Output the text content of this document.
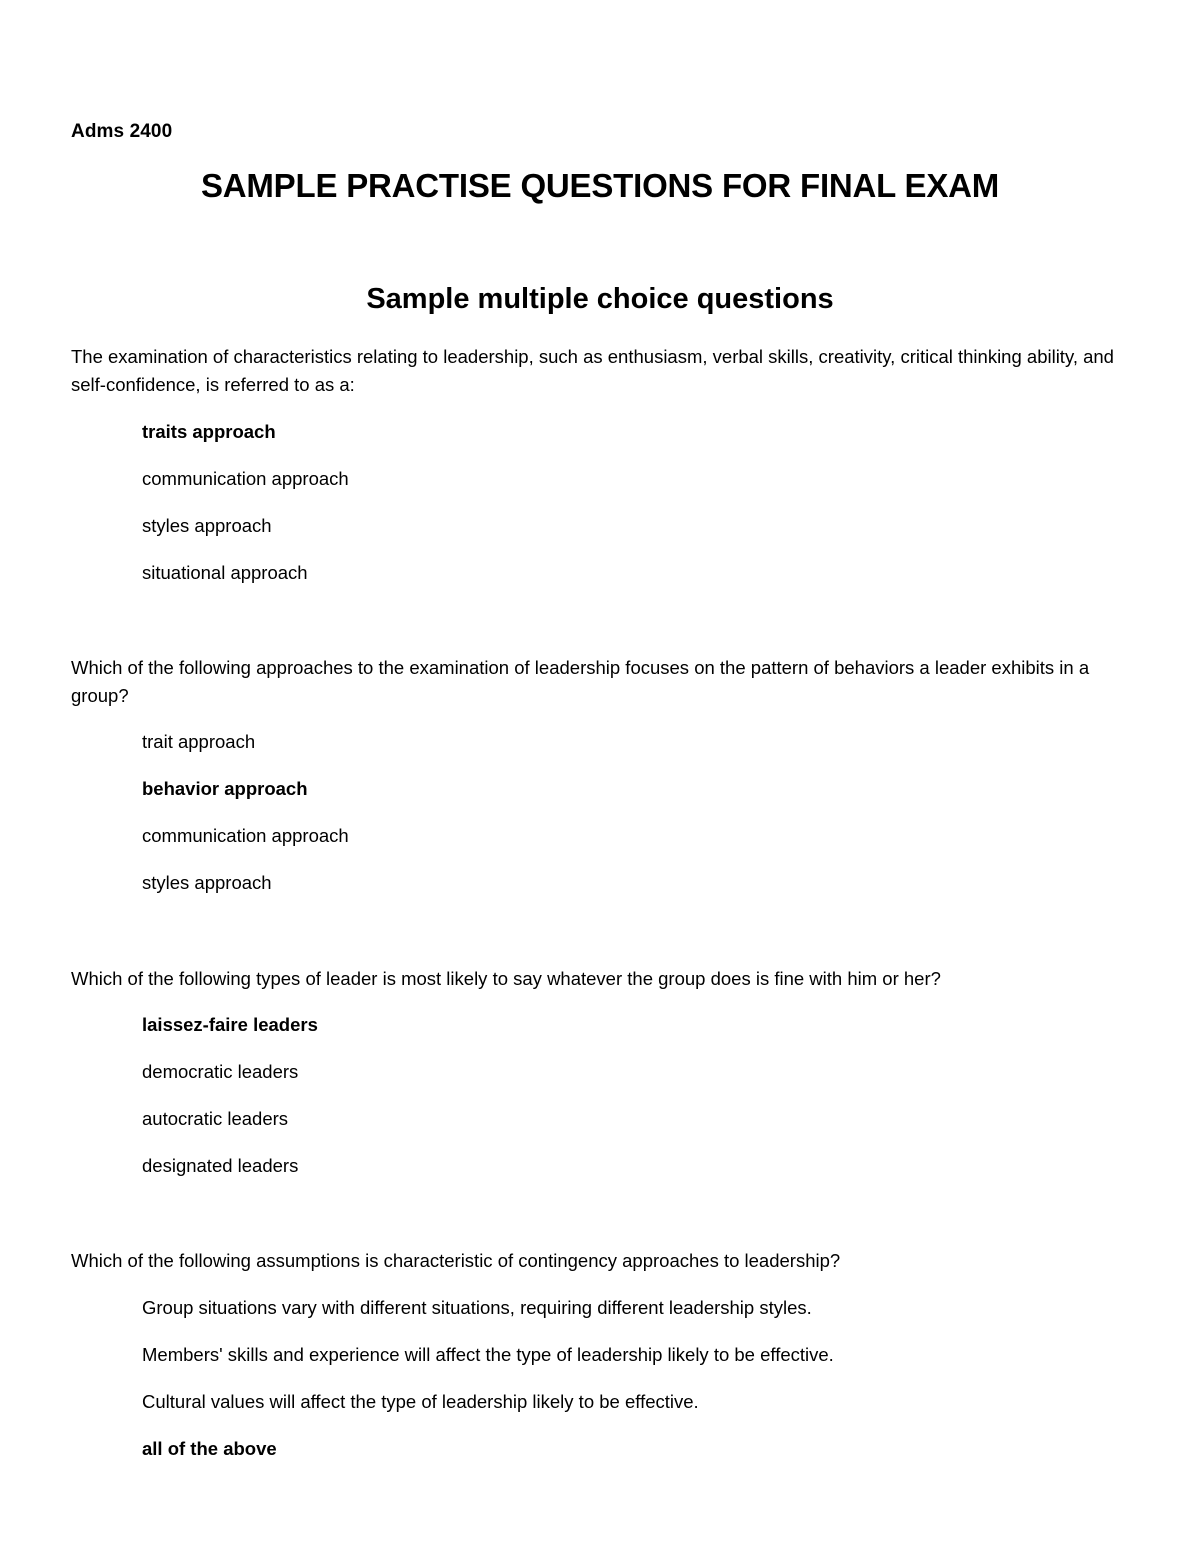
Adms 2400
SAMPLE PRACTISE QUESTIONS FOR FINAL EXAM
Sample multiple choice questions
The examination of characteristics relating to leadership, such as enthusiasm, verbal skills, creativity, critical thinking ability, and self-confidence, is referred to as a:
traits approach
communication approach
styles approach
situational approach
Which of the following approaches to the examination of leadership focuses on the pattern of behaviors a leader exhibits in a group?
trait approach
behavior approach
communication approach
styles approach
Which of the following types of leader is most likely to say whatever the group does is fine with him or her?
laissez-faire leaders
democratic leaders
autocratic leaders
designated leaders
Which of the following assumptions is characteristic of contingency approaches to leadership?
Group situations vary with different situations, requiring different leadership styles.
Members' skills and experience will affect the type of leadership likely to be effective.
Cultural values will affect the type of leadership likely to be effective.
all of the above
